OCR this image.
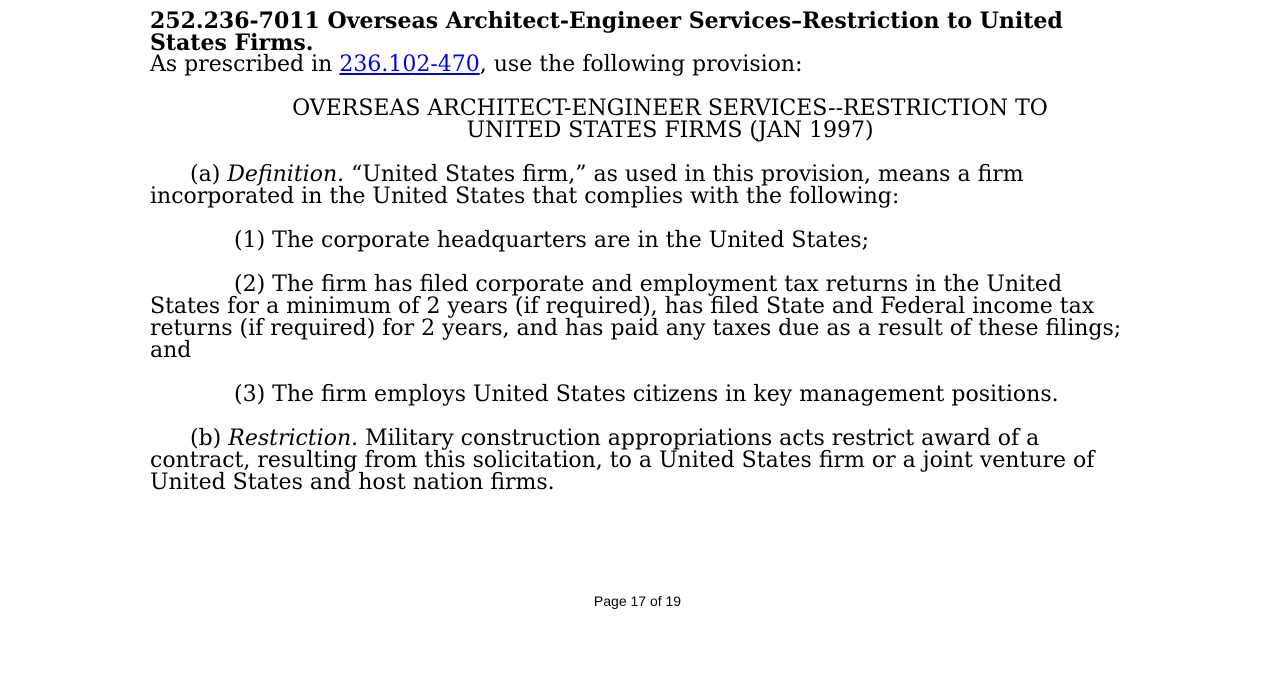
252.236-7011 Overseas Architect-Engineer Services–Restriction to United
States Firms.
As prescribed in 236.102-470, use the following provision:
OVERSEAS ARCHITECT-ENGINEER SERVICES--RESTRICTION TO
UNITED STATES FIRMS (JAN 1997)
(a) Definition. “United States firm,” as used in this provision, means a firm
incorporated in the United States that complies with the following:
(1) The corporate headquarters are in the United States;
(2) The firm has filed corporate and employment tax returns in the United
States for a minimum of 2 years (if required), has filed State and Federal income tax
returns (if required) for 2 years, and has paid any taxes due as a result of these filings;
and
(3) The firm employs United States citizens in key management positions.
(b) Restriction. Military construction appropriations acts restrict award of a
contract, resulting from this solicitation, to a United States firm or a joint venture of
United States and host nation firms.
Page 17 of 19
